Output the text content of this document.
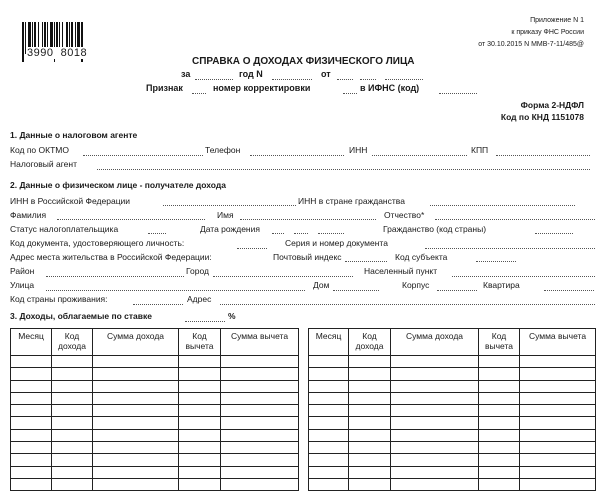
3990 8018
Приложение N 1
к приказу ФНС России
от 30.10.2015 N ММВ-7-11/485@
СПРАВКА О ДОХОДАХ ФИЗИЧЕСКОГО ЛИЦА
за	год N	от
Признак	номер корректировки	в ИФНС (код)
Форма 2-НДФЛ
Код по КНД 1151078
1. Данные о налоговом агенте
Код по ОКТМО	Телефон	ИНН	КПП
Налоговый агент
2. Данные о физическом лице - получателе дохода
ИНН в Российской Федерации	ИНН в стране гражданства
Фамилия	Имя	Отчество*
Статус налогоплательщика	Дата рождения	Гражданство (код страны)
Код документа, удостоверяющего личность:	Серия и номер документа
Адрес места жительства в Российской Федерации:	Почтовый индекс	Код субъекта
Район	Город	Населенный пункт
Улица	Дом	Корпус	Квартира
Код страны проживания:	Адрес
3. Доходы, облагаемые по ставке	%
Месяц	Код дохода	Сумма дохода	Код вычета	Сумма вычета

					Месяц	Код дохода	Сумма дохода	Код вычета	Сумма вычета
